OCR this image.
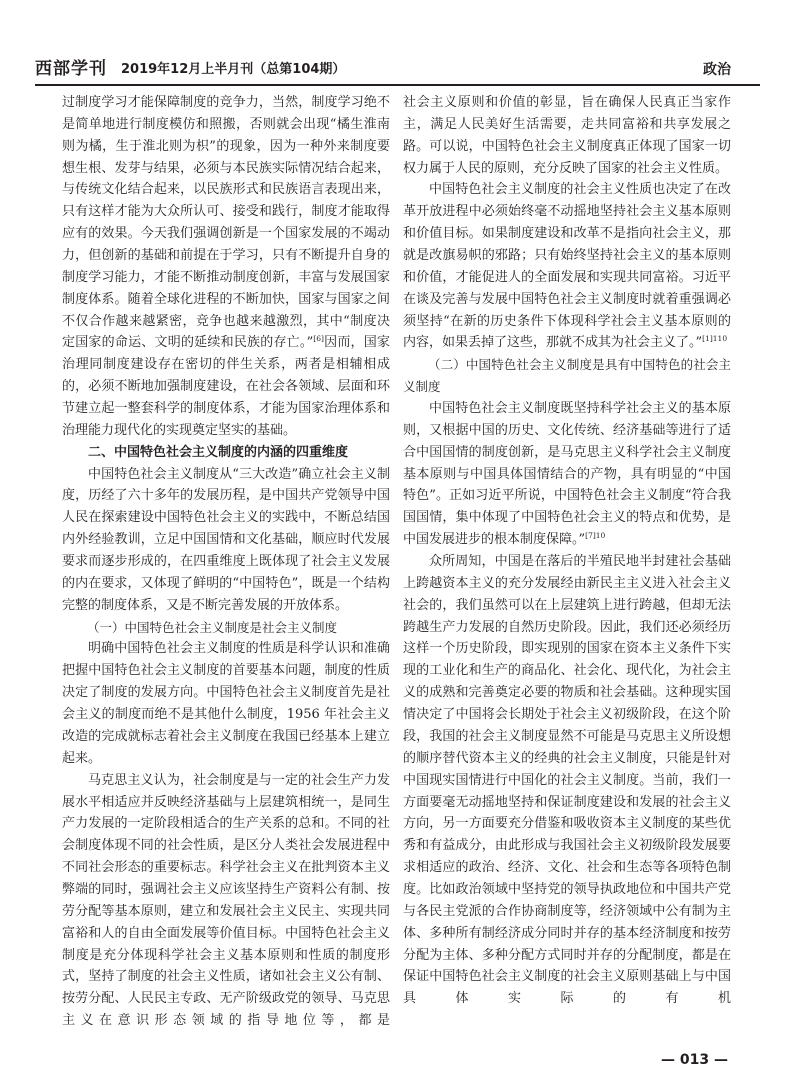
西部学刊 2019年12月上半月刊（总第104期）	政治

过制度学习才能保障制度的竞争力，当然，制度学习绝不是简单地进行制度模仿和照搬，否则就会出现“橘生淮南则为橘，生于淮北则为枳”的现象，因为一种外来制度要想生根、发芽与结果，必须与本民族实际情况结合起来，与传统文化结合起来，以民族形式和民族语言表现出来，只有这样才能为大众所认可、接受和践行，制度才能取得应有的效果。今天我们强调创新是一个国家发展的不竭动力，但创新的基础和前提在于学习，只有不断提升自身的制度学习能力，才能不断推动制度创新，丰富与发展国家制度体系。随着全球化进程的不断加快，国家与国家之间不仅合作越来越紧密，竞争也越来越激烈，其中“制度决定国家的命运、文明的延续和民族的存亡。”[6]因而，国家治理同制度建设存在密切的伴生关系，两者是相辅相成的，必须不断地加强制度建设，在社会各领域、层面和环节建立起一整套科学的制度体系，才能为国家治理体系和治理能力现代化的实现奠定坚实的基础。

二、中国特色社会主义制度的内涵的四重维度

中国特色社会主义制度从“三大改造”确立社会主义制度，历经了六十多年的发展历程，是中国共产党领导中国人民在探索建设中国特色社会主义的实践中，不断总结国内外经验教训，立足中国国情和文化基础，顺应时代发展要求而逐步形成的，在四重维度上既体现了社会主义发展的内在要求，又体现了鲜明的“中国特色”，既是一个结构完整的制度体系，又是不断完善发展的开放体系。

（一）中国特色社会主义制度是社会主义制度

明确中国特色社会主义制度的性质是科学认识和准确把握中国特色社会主义制度的首要基本问题，制度的性质决定了制度的发展方向。中国特色社会主义制度首先是社会主义的制度而绝不是其他什么制度，1956 年社会主义改造的完成就标志着社会主义制度在我国已经基本上建立起来。

马克思主义认为，社会制度是与一定的社会生产力发展水平相适应并反映经济基础与上层建筑相统一，是同生产力发展的一定阶段相适合的生产关系的总和。不同的社会制度体现不同的社会性质，是区分人类社会发展进程中不同社会形态的重要标志。科学社会主义在批判资本主义弊端的同时，强调社会主义应该坚持生产资料公有制、按劳分配等基本原则，建立和发展社会主义民主、实现共同富裕和人的自由全面发展等价值目标。中国特色社会主义制度是充分体现科学社会主义基本原则和性质的制度形式，坚持了制度的社会主义性质，诸如社会主义公有制、按劳分配、人民民主专政、无产阶级政党的领导、马克思主义在意识形态领域的指导地位等，都是

社会主义原则和价值的彰显，旨在确保人民真正当家作主，满足人民美好生活需要，走共同富裕和共享发展之路。可以说，中国特色社会主义制度真正体现了国家一切权力属于人民的原则，充分反映了国家的社会主义性质。

中国特色社会主义制度的社会主义性质也决定了在改革开放进程中必须始终毫不动摇地坚持社会主义基本原则和价值目标。如果制度建设和改革不是指向社会主义，那就是改旗易帜的邪路；只有始终坚持社会主义的基本原则和价值，才能促进人的全面发展和实现共同富裕。习近平在谈及完善与发展中国特色社会主义制度时就着重强调必须坚持“在新的历史条件下体现科学社会主义基本原则的内容，如果丢掉了这些，那就不成其为社会主义了。”$^{[1]110}$

（二）中国特色社会主义制度是具有中国特色的社会主义制度

中国特色社会主义制度既坚持科学社会主义的基本原则，又根据中国的历史、文化传统、经济基础等进行了适合中国国情的制度创新，是马克思主义科学社会主义制度基本原则与中国具体国情结合的产物，具有明显的“中国特色”。正如习近平所说，中国特色社会主义制度“符合我国国情，集中体现了中国特色社会主义的特点和优势，是中国发展进步的根本制度保障。”$^{[7]10}$

众所周知，中国是在落后的半殖民地半封建社会基础上跨越资本主义的充分发展经由新民主主义进入社会主义社会的，我们虽然可以在上层建筑上进行跨越，但却无法跨越生产力发展的自然历史阶段。因此，我们还必须经历这样一个历史阶段，即实现别的国家在资本主义条件下实现的工业化和生产的商品化、社会化、现代化，为社会主义的成熟和完善奠定必要的物质和社会基础。这种现实国情决定了中国将会长期处于社会主义初级阶段，在这个阶段，我国的社会主义制度显然不可能是马克思主义所设想的顺序替代资本主义的经典的社会主义制度，只能是针对中国现实国情进行中国化的社会主义制度。当前，我们一方面要毫无动摇地坚持和保证制度建设和发展的社会主义方向，另一方面要充分借鉴和吸收资本主义制度的某些优秀和有益成分，由此形成与我国社会主义初级阶段发展要求相适应的政治、经济、文化、社会和生态等各项特色制度。比如政治领域中坚持党的领导执政地位和中国共产党与各民主党派的合作协商制度等，经济领域中公有制为主体、多种所有制经济成分同时并存的基本经济制度和按劳分配为主体、多种分配方式同时并存的分配制度，都是在保证中国特色社会主义制度的社会主义原则基础上与中国具体实际的有机

— 013 —
